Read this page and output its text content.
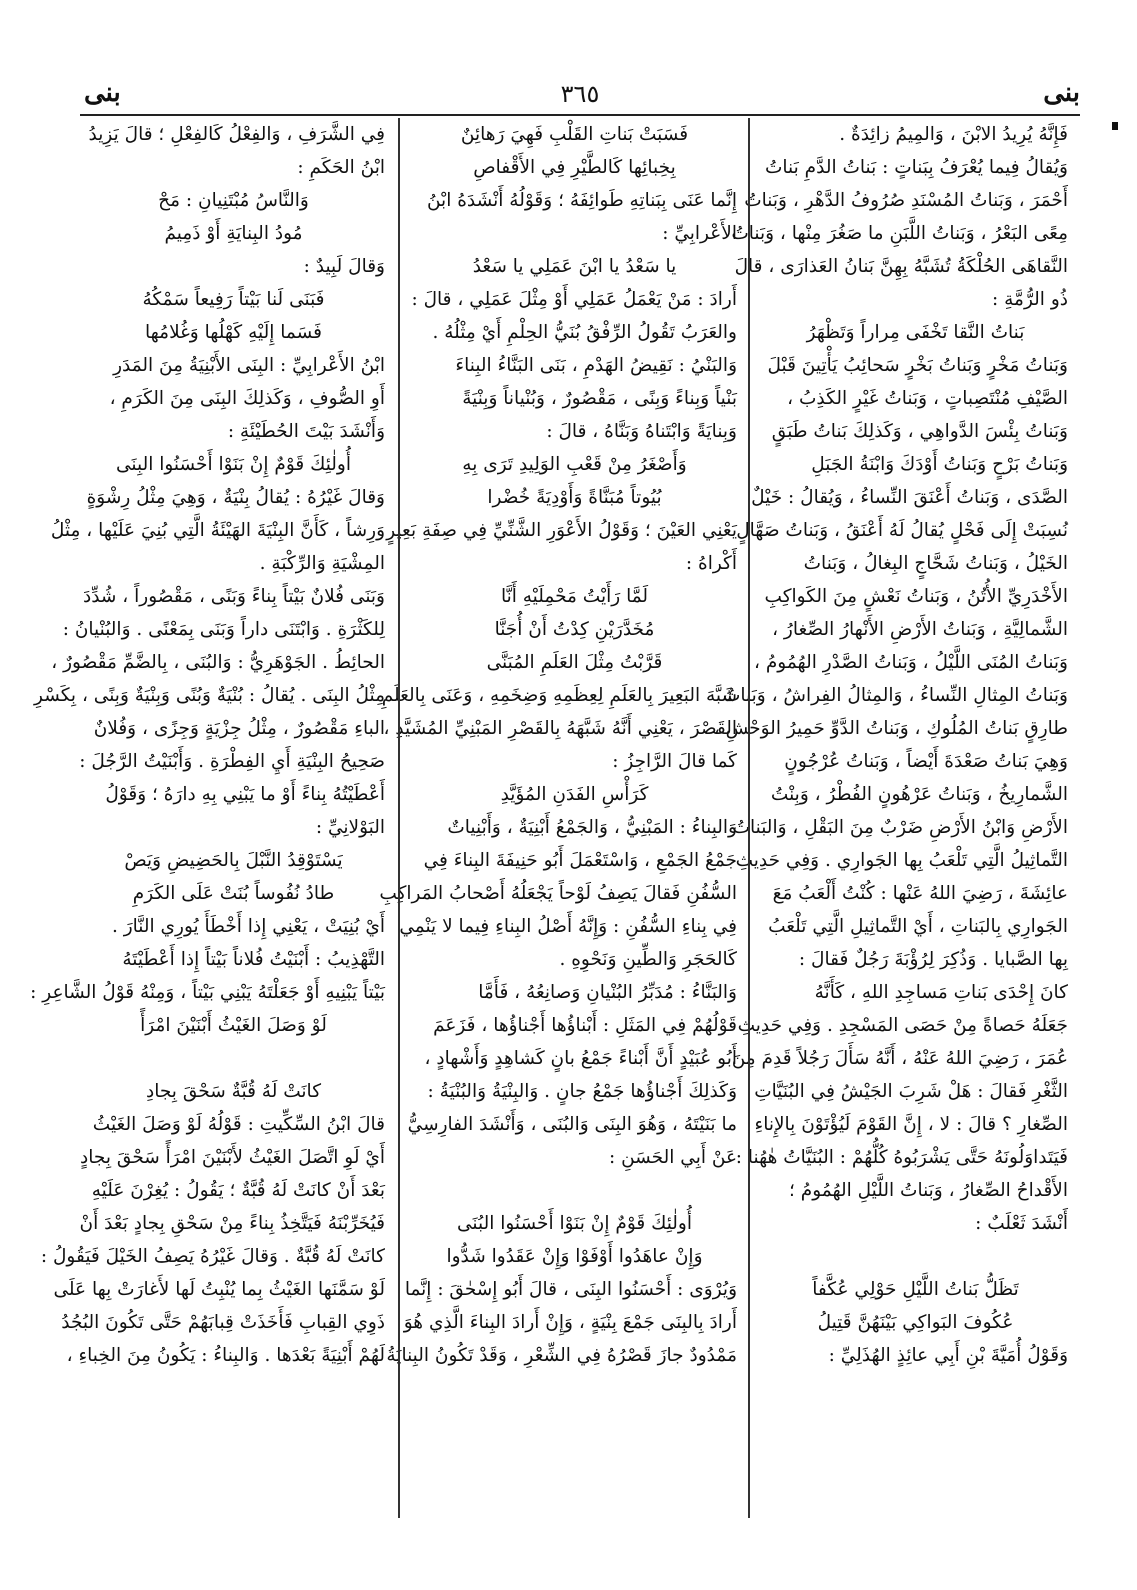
بنى
٣٦٥
بنى
فَإِنَّهُ يُرِيدُ الابْنَ ، وَالمِيمُ زائِدَةٌ .
وَيُقالُ فِيما يُعْرَفُ بِبَناتٍ : بَناتُ الدَّمِ بَناتُ
أَحْمَرَ ، وَبَناتُ المُسْنَدِ صُرُوفُ الدَّهْرِ ، وَبَناتُ
مِعًى البَعْرُ ، وَبَناتُ اللَّبَنِ ما صَغُرَ مِنْها ، وَبَناتُ
النَّقاهَى الحُلْكَةُ تُشَبَّهُ بِهِنَّ بَنانُ العَذارَى ، قالَ
ذُو الرُّمَّةِ :
بَناتُ النَّقا تَخْفَى مِراراً وَتَظْهَرُ
وَبَناتُ مَخْرٍ وَبَناتُ بَخْرٍ سَحائِبُ يَأْتِينَ قَبْلَ
الصَّيْفِ مُنْتَصِباتٍ ، وَبَناتُ غَيْرٍ الكَذِبُ ،
وَبَناتُ بِئْسَ الدَّواهِي ، وَكَذلِكَ بَناتُ طَبَقٍ
وَبَناتُ بَرْحٍ وَبَناتُ أَوْدَكَ وَابْنَةُ الجَبَلِ
الصَّدَى ، وَبَناتُ أَعْنَقَ النِّساءُ ، وَيُقالُ : خَيْلٌ
نُسِبَتْ إِلَى فَحْلٍ يُقالُ لَهُ أَعْنَقُ ، وَبَناتُ صَهَّالٍ
الخَيْلُ ، وَبَناتُ شَحَّاجٍ البِغالُ ، وَبَناتُ
الأَخْدَرِيِّ الأُتُنُ ، وَبَناتُ نَعْشٍ مِنَ الكَواكِبِ
الشَّمالِيَّةِ ، وَبَناتُ الأَرْضِ الأَنْهارُ الصِّغارُ ،
وَبَناتُ المُنَى اللَّيْلُ ، وَبَناتُ الصَّدْرِ الهُمُومُ ،
وَبَناتُ المِثالِ النِّساءُ ، وَالمِثالُ الفِراشُ ، وَبَناتُ
طارِقٍ بَناتُ المُلُوكِ ، وَبَناتُ الدَّوِّ حَمِيرُ الوَحْشِ ،
وَهِيَ بَناتُ صَعْدَةَ أَيْضاً ، وَبَناتُ عُرْجُونٍ
الشَّمارِيخُ ، وَبَناتُ عَرْهُونٍ الفُطْرُ ، وَبِنْتُ
الأَرْضِ وَابْنُ الأَرْضِ ضَرْبٌ مِنَ البَقْلِ ، وَالبَناتُ
التَّماثِيلُ الَّتِي تَلْعَبُ بِها الجَوارِي . وَفِي حَدِيثِ
عائِشَةَ ، رَضِيَ اللهُ عَنْها : كُنْتُ أَلْعَبُ مَعَ
الجَوارِي بِالبَناتِ ، أَيْ التَّماثِيلِ الَّتِي تَلْعَبُ
بِها الصَّبايا . وَذُكِرَ لِرُؤْبَةَ رَجُلٌ فَقالَ :
كانَ إِحْدَى بَناتِ مَساجِدِ اللهِ ، كَأَنَّهُ
جَعَلَهُ حَصاةً مِنْ حَصَى المَسْجِدِ . وَفِي حَدِيثِ
عُمَرَ ، رَضِيَ اللهُ عَنْهُ ، أَنَّهُ سَأَلَ رَجُلاً قَدِمَ مِنَ
الثَّغْرِ فَقالَ : هَلْ شَرِبَ الجَيْشُ فِي البُنَيَّاتِ
الصِّغارِ ؟ قالَ : لا ، إِنَّ القَوْمَ لَيُؤْتَوْنَ بِالإِناءِ
فَيَتَداوَلُونَهُ حَتَّى يَشْرَبُوهُ كُلُّهُمْ : البُنَيَّاتُ هٰهُنا :
الأَقْداحُ الصِّغارُ ، وَبَناتُ اللَّيْلِ الهُمُومُ ؛
أَنْشَدَ ثَعْلَبٌ :
تَظَلُّ بَناتُ اللَّيْلِ حَوْلِي عُكَّفاً
عُكُوفَ البَواكِي بَيْنَهُنَّ قَتِيلُ
وَقَوْلُ أُمَيَّةَ بْنِ أَبِي عائِذٍ الهُذَلِيِّ :
فَسَبَتْ بَناتِ القَلْبِ فَهِيَ رَهائِنٌ
بِخِبائِها كَالطَّيْرِ فِي الأَقْفاصِ
إِنَّما عَنَى بِبَناتِهِ طَوائِفَهُ ؛ وَقَوْلُهُ أَنْشَدَهُ ابْنُ
الأَعْرابِيِّ :
يا سَعْدُ يا ابْنَ عَمَلِي يا سَعْدُ
أَرادَ : مَنْ يَعْمَلُ عَمَلِي أَوْ مِثْلَ عَمَلِي ، قالَ :
والعَرَبُ تَقُولُ الرِّفْقُ بُنَيُّ الحِلْمِ أَيْ مِثْلُهُ .
وَالبَنْيُ : نَقِيضُ الهَدْمِ ، بَنَى البَنَّاءُ البِناءَ
بَنْياً وَبِناءً وَبِنًى ، مَقْصُورٌ ، وَبُنْياناً وَبِنْيَةً
وَبِنايَةً وَابْتَناهُ وَبَنَّاهُ ، قالَ :
وَأَصْغَرُ مِنْ قَعْبِ الوَلِيدِ تَرَى بِهِ
بُيُوتاً مُبَنَّاةً وَأَوْدِيَةً خُضْرا
يَعْنِي العَيْنَ ؛ وَقَوْلُ الأَعْوَرِ الشَّنِّيِّ فِي صِفَةِ بَعِيرٍ
أَكْراهُ :
لَمَّا رَأَيْتُ مَحْمِلَيْهِ أَنَّا
مُخَدَّرَيْنِ كِدْتُ أَنْ أُجَنَّا
قَرَّبْتُ مِثْلَ العَلَمِ المُبَنَّى
شَبَّهَ البَعِيرَ بِالعَلَمِ لِعِظَمِهِ وَضِخَمِهِ ، وَعَنَى بِالعَلَمِ
القَصْرَ ، يَعْنِي أَنَّهُ شَبَّهَهُ بِالقَصْرِ المَبْنِيِّ المُشَيَّدِ ،
كَما قالَ الرَّاجِزُ :
كَرَأْسِ الفَدَنِ المُؤَيَّدِ
وَالبِناءُ : المَبْنِيُّ ، وَالجَمْعُ أَبْنِيَةٌ ، وَأَبْنِياتٌ
جَمْعُ الجَمْعِ ، وَاسْتَعْمَلَ أَبُو حَنِيفَةَ البِناءَ فِي
السُّفُنِ فَقالَ يَصِفُ لَوْحاً يَجْعَلُهُ أَصْحابُ المَراكِبِ
فِي بِناءِ السُّفُنِ : وَإِنَّهُ أَصْلُ البِناءِ فِيما لا يَنْمِي
كَالحَجَرِ وَالطِّينِ وَنَحْوِهِ .
وَالبَنَّاءُ : مُدَبِّرُ البُنْيانِ وَصانِعُهُ ، فَأَمَّا
قَوْلُهُمْ فِي المَثَلِ : أَبْناؤُها أَجْناؤُها ، فَزَعَمَ
أَبُو عُبَيْدٍ أَنَّ أَبْناءً جَمْعُ بانٍ كَشاهِدٍ وَأَشْهادٍ ،
وَكَذلِكَ أَجْناؤُها جَمْعُ جانٍ . وَالبِنْيَةُ وَالبُنْيَةُ :
ما بَنَيْتَهُ ، وَهُوَ البِنَى وَالبُنَى ، وَأَنْشَدَ الفارِسِيُّ
عَنْ أَبِي الحَسَنِ :
أُولٰئِكَ قَوْمٌ إِنْ بَنَوْا أَحْسَنُوا البُنَى
وَإِنْ عاهَدُوا أَوْفَوْا وَإِنْ عَقَدُوا شَدُّوا
وَيُرْوَى : أَحْسَنُوا البِنَى ، قالَ أَبُو إِسْحٰقَ : إِنَّما
أَرادَ بِالبِنَى جَمْعَ بِنْيَةٍ ، وَإِنْ أَرادَ البِناءَ الَّذِي هُوَ
مَمْدُودٌ جازَ قَصْرُهُ فِي الشِّعْرِ ، وَقَدْ تَكُونُ البِنايَةُ
فِي الشَّرَفِ ، وَالفِعْلُ كَالفِعْلِ ؛ قالَ يَزِيدُ
ابْنُ الحَكَمِ :
وَالنَّاسُ مُبْتَنِيانِ : مَحْ
مُودُ البِنايَةِ أَوْ ذَمِيمُ
وَقالَ لَبِيدٌ :
فَبَنَى لَنا بَيْتاً رَفِيعاً سَمْكُهُ
فَسَما إِلَيْهِ كَهْلُها وَغُلامُها
ابْنُ الأَعْرابِيِّ : البِنَى الأَبْنِيَةُ مِنَ المَدَرِ
أَوِ الصُّوفِ ، وَكَذلِكَ البِنَى مِنَ الكَرَمِ ،
وَأَنْشَدَ بَيْتَ الحُطَيْئَةِ :
أُولٰئِكَ قَوْمٌ إِنْ بَنَوْا أَحْسَنُوا البِنَى
وَقالَ غَيْرُهُ : يُقالُ بِنْيَةٌ ، وَهِيَ مِثْلُ رِشْوَةٍ
وَرِشاً ، كَأَنَّ البِنْيَةَ الهَيْئَةُ الَّتِي بُنِيَ عَلَيْها ، مِثْلُ
المِشْيَةِ وَالرِّكْبَةِ .
وَبَنَى فُلانٌ بَيْتاً بِناءً وَبَنًى ، مَقْصُوراً ، شُدِّدَ
لِلكَثْرَةِ . وَابْتَنَى داراً وَبَنَى بِمَعْنًى . وَالبُنْيانُ :
الحائِطُ . الجَوْهَرِيُّ : وَالبُنَى ، بِالضَّمِّ مَقْصُورٌ ،
مِثْلُ البِنَى . يُقالُ : بُنْيَةٌ وَبُنًى وَبِنْيَةٌ وَبِنًى ، بِكَسْرِ
الباءِ مَقْصُورٌ ، مِثْلُ جِزْيَةٍ وَجِزًى ، وَفُلانٌ
صَحِيحُ البِنْيَةِ أَيِ الفِطْرَةِ . وَأَبْنَيْتُ الرَّجُلَ :
أَعْطَيْتُهُ بِناءً أَوْ ما يَبْنِي بِهِ دارَهُ ؛ وَقَوْلُ
البَوْلانِيِّ :
يَسْتَوْقِدُ النَّبْلَ بِالحَضِيضِ وَيَصْ
طادُ نُفُوساً بُنَتْ عَلَى الكَرَمِ
أَيْ بُنِيَتْ ، يَعْنِي إِذا أَخْطَأَ يُورِي النَّارَ .
التَّهْذِيبُ : أَبْنَيْتُ فُلاناً بَيْتاً إِذا أَعْطَيْتَهُ
بَيْتاً يَبْنِيهِ أَوْ جَعَلْتَهُ يَبْنِي بَيْتاً ، وَمِنْهُ قَوْلُ الشَّاعِرِ :
لَوْ وَصَلَ الغَيْثُ أَبْنَيْنَ امْرَأً
كانَتْ لَهُ قُبَّةٌ سَحْقَ بِجادِ
قالَ ابْنُ السِّكِّيتِ : قَوْلُهُ لَوْ وَصَلَ الغَيْثُ
أَيْ لَوِ اتَّصَلَ الغَيْثُ لأَبْنَيْنَ امْرَأً سَحْقَ بِجادٍ
بَعْدَ أَنْ كانَتْ لَهُ قُبَّةٌ ؛ يَقُولُ : يُغِرْنَ عَلَيْهِ
فَيُخَرِّبْنَهُ فَيَتَّخِذُ بِناءً مِنْ سَحْقِ بِجادٍ بَعْدَ أَنْ
كانَتْ لَهُ قُبَّةٌ . وَقالَ غَيْرُهُ يَصِفُ الخَيْلَ فَيَقُولُ :
لَوْ سَمَّنَها الغَيْثُ بِما يُنْبِتُ لَها لأَغارَتْ بِها عَلَى
ذَوِي القِبابِ فَأَخَذَتْ قِبابَهُمْ حَتَّى تَكُونَ البُجُدُ
لَهُمْ أَبْنِيَةً بَعْدَها . وَالبِناءُ : يَكُونُ مِنَ الخِباءِ ،
